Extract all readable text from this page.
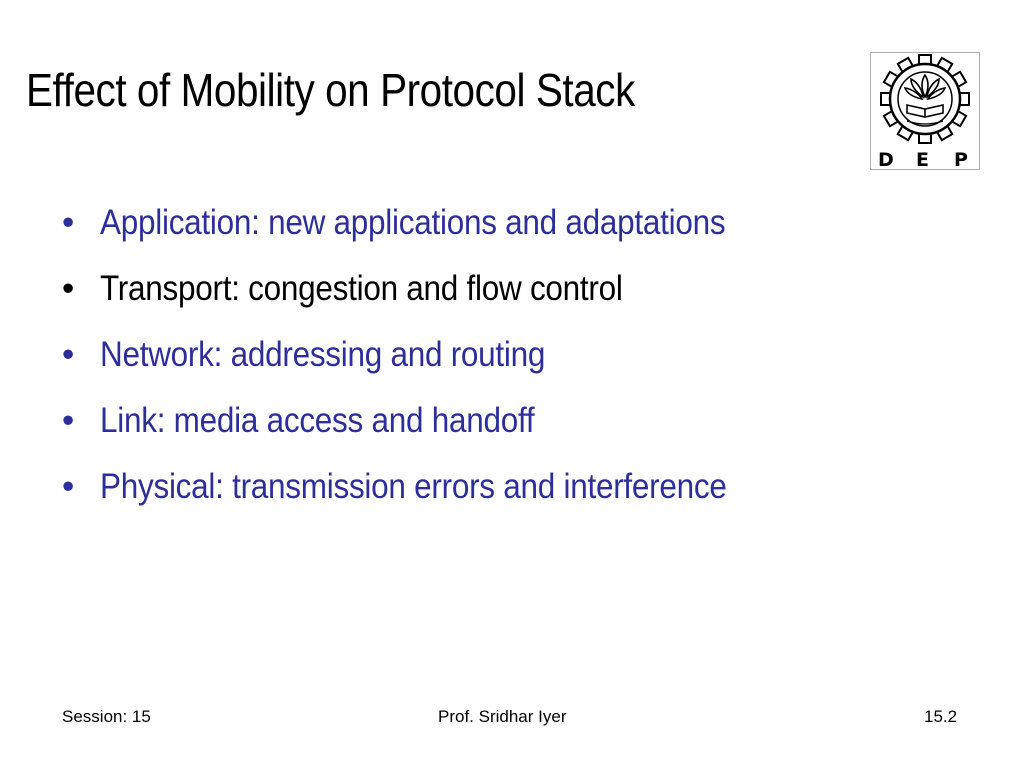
Effect of Mobility on Protocol Stack
D E P
• Application: new applications and adaptations
• Transport: congestion and flow control
• Network: addressing and routing
• Link: media access and handoff
• Physical: transmission errors and interference
Session: 15	Prof. Sridhar Iyer	15.2
